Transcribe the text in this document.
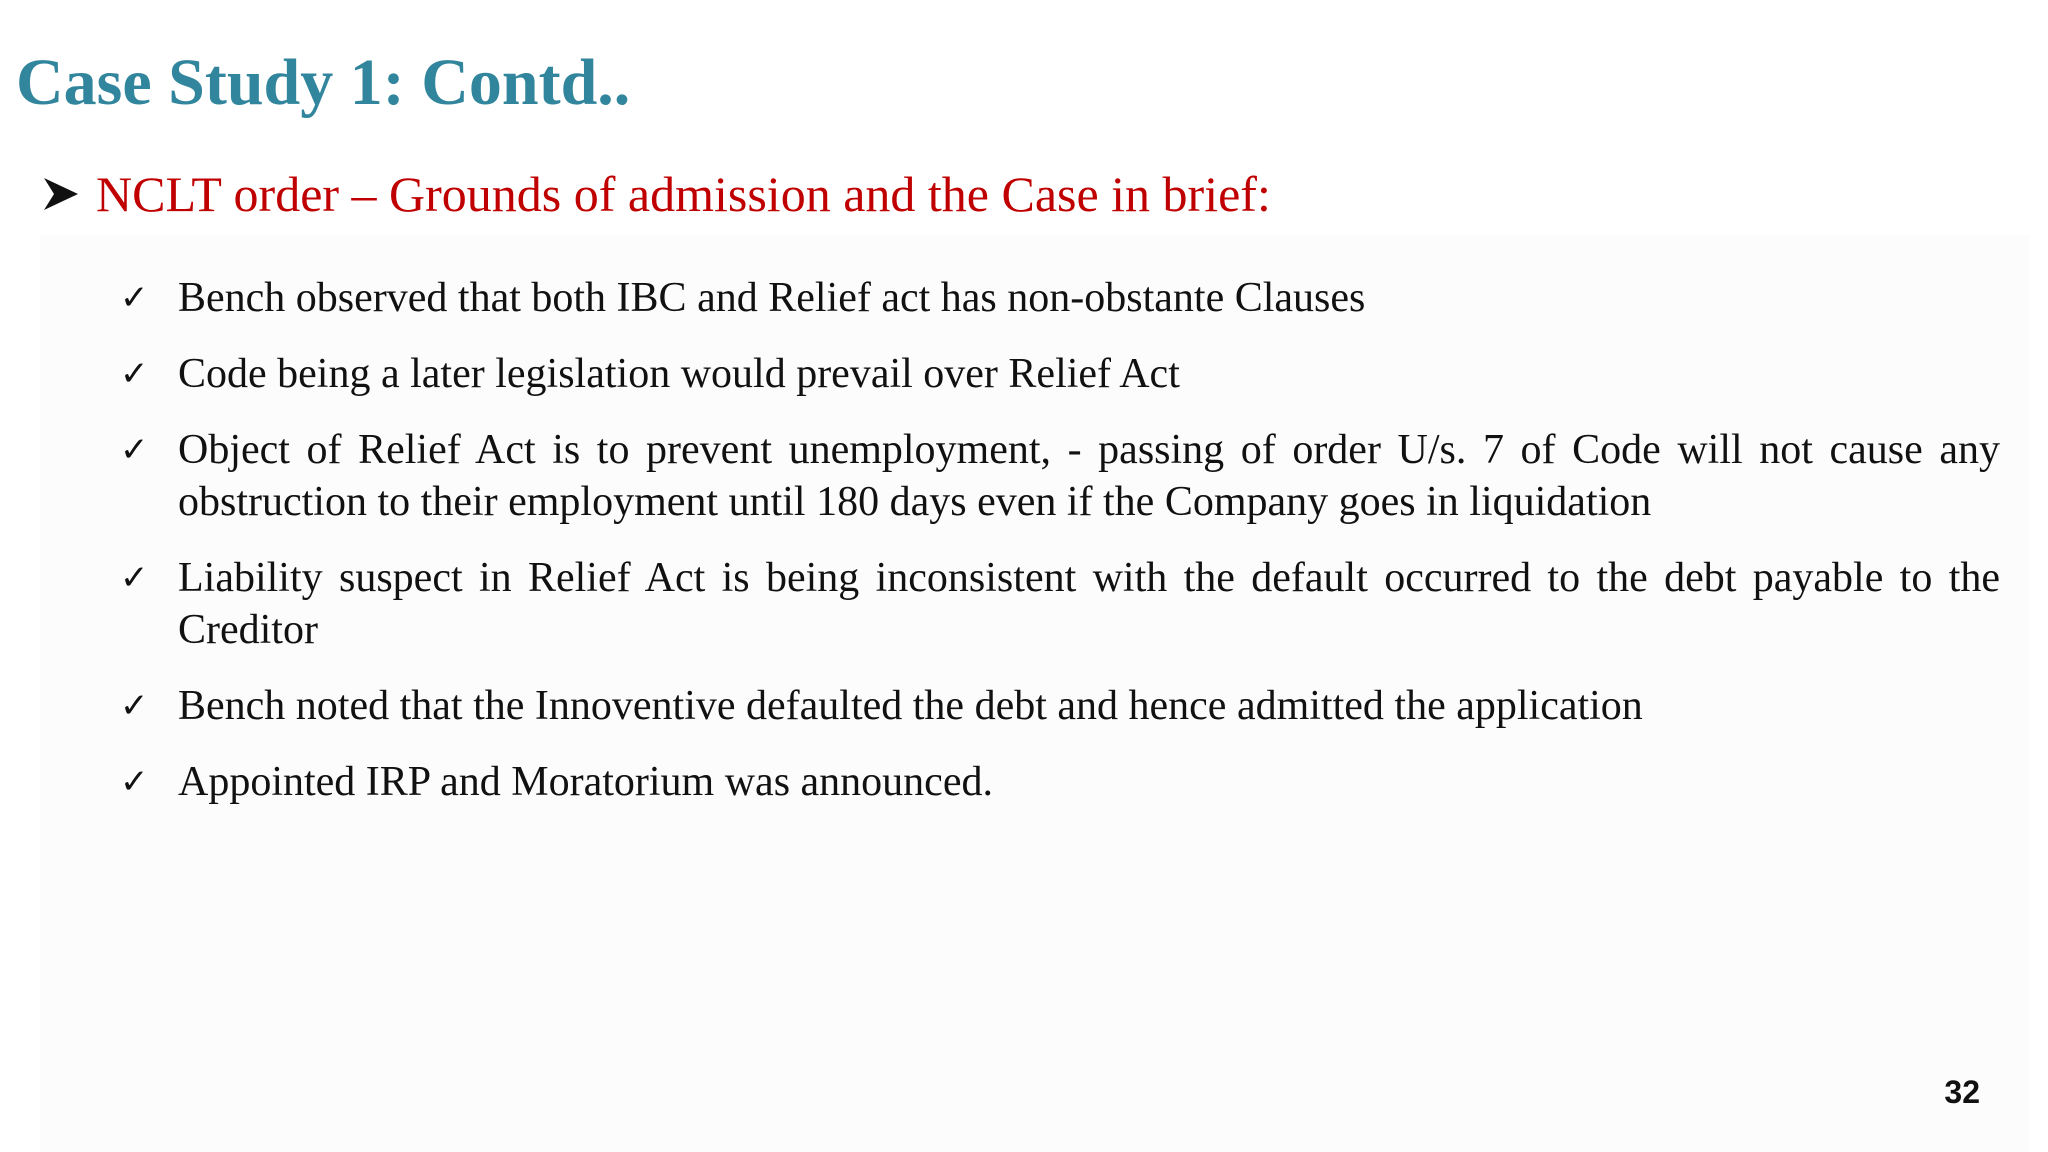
Case Study 1: Contd..
NCLT order – Grounds of admission and the Case in brief:
✓ Bench observed that both IBC and Relief act has non-obstante Clauses
✓ Code being a later legislation would prevail over Relief Act
✓ Object of Relief Act is to prevent unemployment, - passing of order U/s. 7 of Code will not cause any obstruction to their employment until 180 days even if the Company goes in liquidation
✓ Liability suspect in Relief Act is being inconsistent with the default occurred to the debt payable to the Creditor
✓ Bench noted that the Innoventive defaulted the debt and hence admitted the application
✓ Appointed IRP and Moratorium was announced.
32
